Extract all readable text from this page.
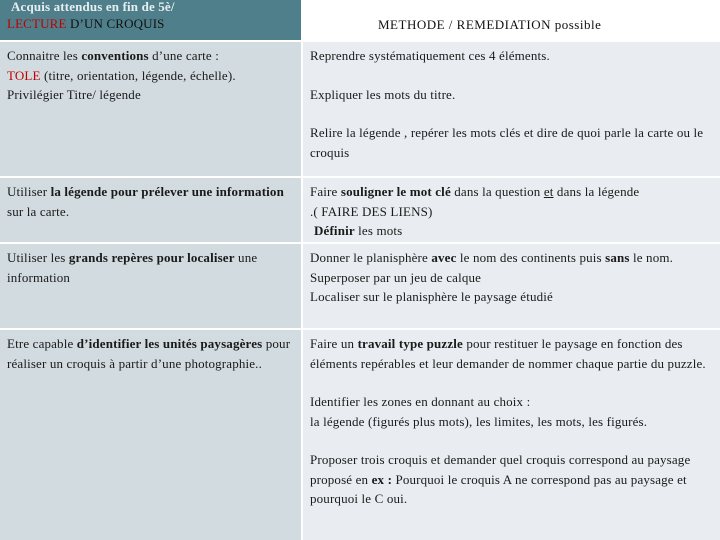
Acquis attendus en fin de 5è/
LECTURE D’UN CROQUIS	METHODE / REMEDIATION possible

Connaitre les conventions d’une carte :
TOLE (titre, orientation, légende, échelle).
Privilégier Titre/ légende

Reprendre systématiquement ces 4 éléments.

Expliquer les mots du titre.

Relire la légende , repérer les mots clés et dire de quoi parle la carte ou le croquis

Utiliser la légende pour prélever une information sur la carte.

Faire souligner le mot clé dans la question et dans la légende
.( FAIRE DES LIENS)
Définir les mots

Utiliser les grands repères pour localiser une information

Donner le planisphère avec le nom des continents puis sans le nom.
Superposer par un jeu de calque
Localiser sur le planisphère le paysage étudié

Etre capable d’identifier les unités paysagères pour réaliser un croquis à partir d’une photographie..

Faire un travail type puzzle pour restituer le paysage en fonction des éléments repérables et leur demander de nommer chaque partie du puzzle.

Identifier les zones en donnant au choix :

la légende (figurés plus mots), les limites, les mots, les figurés.

Proposer trois croquis et demander quel croquis correspond au paysage proposé en ex : Pourquoi le croquis A ne correspond pas au paysage et pourquoi le C oui.
